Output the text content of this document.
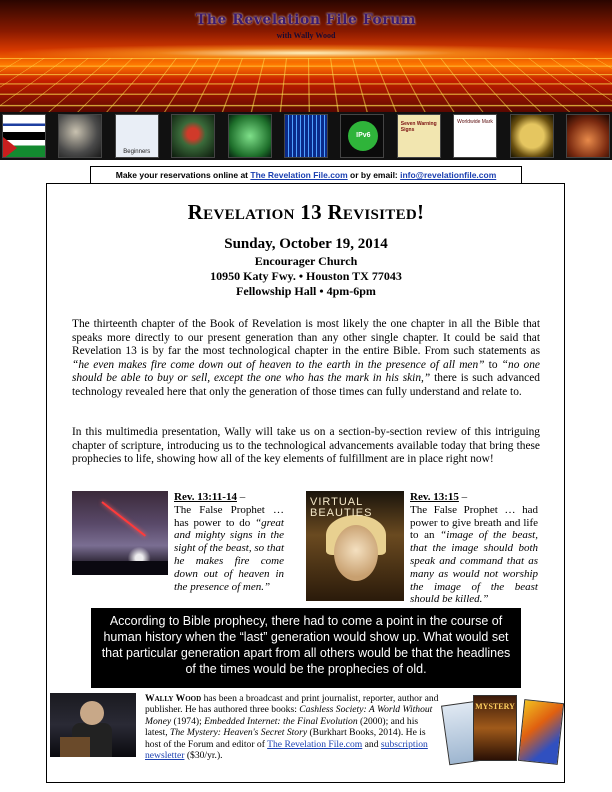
The Revelation File Forum
with Wally Wood
Beginners
IPv6
Seven Warning Signs
Worldwide Mark
Make your reservations online at The Revelation File.com or by email: info@revelationfile.com
Revelation 13 Revisited!
Sunday, October 19, 2014
Encourager Church
10950 Katy Fwy. • Houston TX 77043
Fellowship Hall • 4pm-6pm
The thirteenth chapter of the Book of Revelation is most likely the one chapter in all the Bible that speaks more directly to our present generation than any other single chapter. It could be said that Revelation 13 is by far the most technological chapter in the entire Bible. From such statements as “he even makes fire come down out of heaven to the earth in the presence of all men” to “no one should be able to buy or sell, except the one who has the mark in his skin,” there is such advanced technology revealed here that only the generation of those times can fully understand and relate to.
In this multimedia presentation, Wally will take us on a section-by-section review of this intriguing chapter of scripture, introducing us to the technological advancements available today that bring these prophecies to life, showing how all of the key elements of fulfillment are in place right now!
Rev. 13:11-14 –
The False Prophet … has power to do “great and mighty signs in the sight of the beast, so that he makes fire come down out of heaven in the presence of men.”
VIRTUAL BEAUTIES
Rev. 13:15 –
The False Prophet … had power to give breath and life to an “image of the beast, that the image should both speak and command that as many as would not worship the image of the beast should be killed.”
According to Bible prophecy, there had to come a point in the course of human history when the “last” generation would show up. What would set that particular generation apart from all others would be that the headlines of the times would be the prophecies of old.
Wally Wood has been a broadcast and print journalist, reporter, author and publisher. He has authored three books: Cashless Society: A World Without Money (1974); Embedded Internet: the Final Evolution (2000); and his latest, The Mystery: Heaven's Secret Story (Burkhart Books, 2014). He is host of the Forum and editor of The Revelation File.com and subscription newsletter ($30/yr.).
MYSTERY
